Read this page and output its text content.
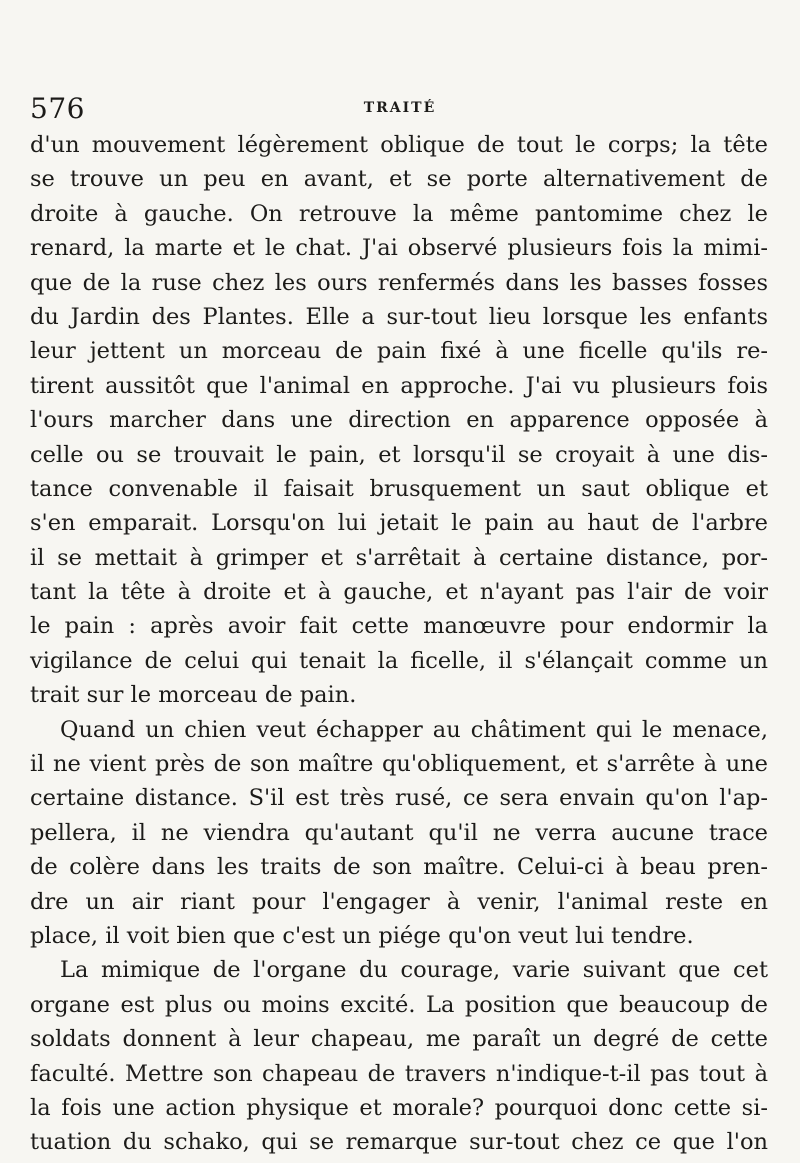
576	TRAITÉ
d'un mouvement légèrement oblique de tout le corps; la tête
se trouve un peu en avant, et se porte alternativement de
droite à gauche. On retrouve la même pantomime chez le
renard, la marte et le chat. J'ai observé plusieurs fois la mimi-
que de la ruse chez les ours renfermés dans les basses fosses
du Jardin des Plantes. Elle a sur-tout lieu lorsque les enfants
leur jettent un morceau de pain fixé à une ficelle qu'ils re-
tirent aussitôt que l'animal en approche. J'ai vu plusieurs fois
l'ours marcher dans une direction en apparence opposée à
celle ou se trouvait le pain, et lorsqu'il se croyait à une dis-
tance convenable il faisait brusquement un saut oblique et
s'en emparait. Lorsqu'on lui jetait le pain au haut de l'arbre
il se mettait à grimper et s'arrêtait à certaine distance, por-
tant la tête à droite et à gauche, et n'ayant pas l'air de voir
le pain : après avoir fait cette manœuvre pour endormir la
vigilance de celui qui tenait la ficelle, il s'élançait comme un
trait sur le morceau de pain.
Quand un chien veut échapper au châtiment qui le menace,
il ne vient près de son maître qu'obliquement, et s'arrête à une
certaine distance. S'il est très rusé, ce sera envain qu'on l'ap-
pellera, il ne viendra qu'autant qu'il ne verra aucune trace
de colère dans les traits de son maître. Celui-ci à beau pren-
dre un air riant pour l'engager à venir, l'animal reste en
place, il voit bien que c'est un piége qu'on veut lui tendre.
La mimique de l'organe du courage, varie suivant que cet
organe est plus ou moins excité. La position que beaucoup de
soldats donnent à leur chapeau, me paraît un degré de cette
faculté. Mettre son chapeau de travers n'indique-t-il pas tout à
la fois une action physique et morale? pourquoi donc cette si-
tuation du schako, qui se remarque sur-tout chez ce que l'on
